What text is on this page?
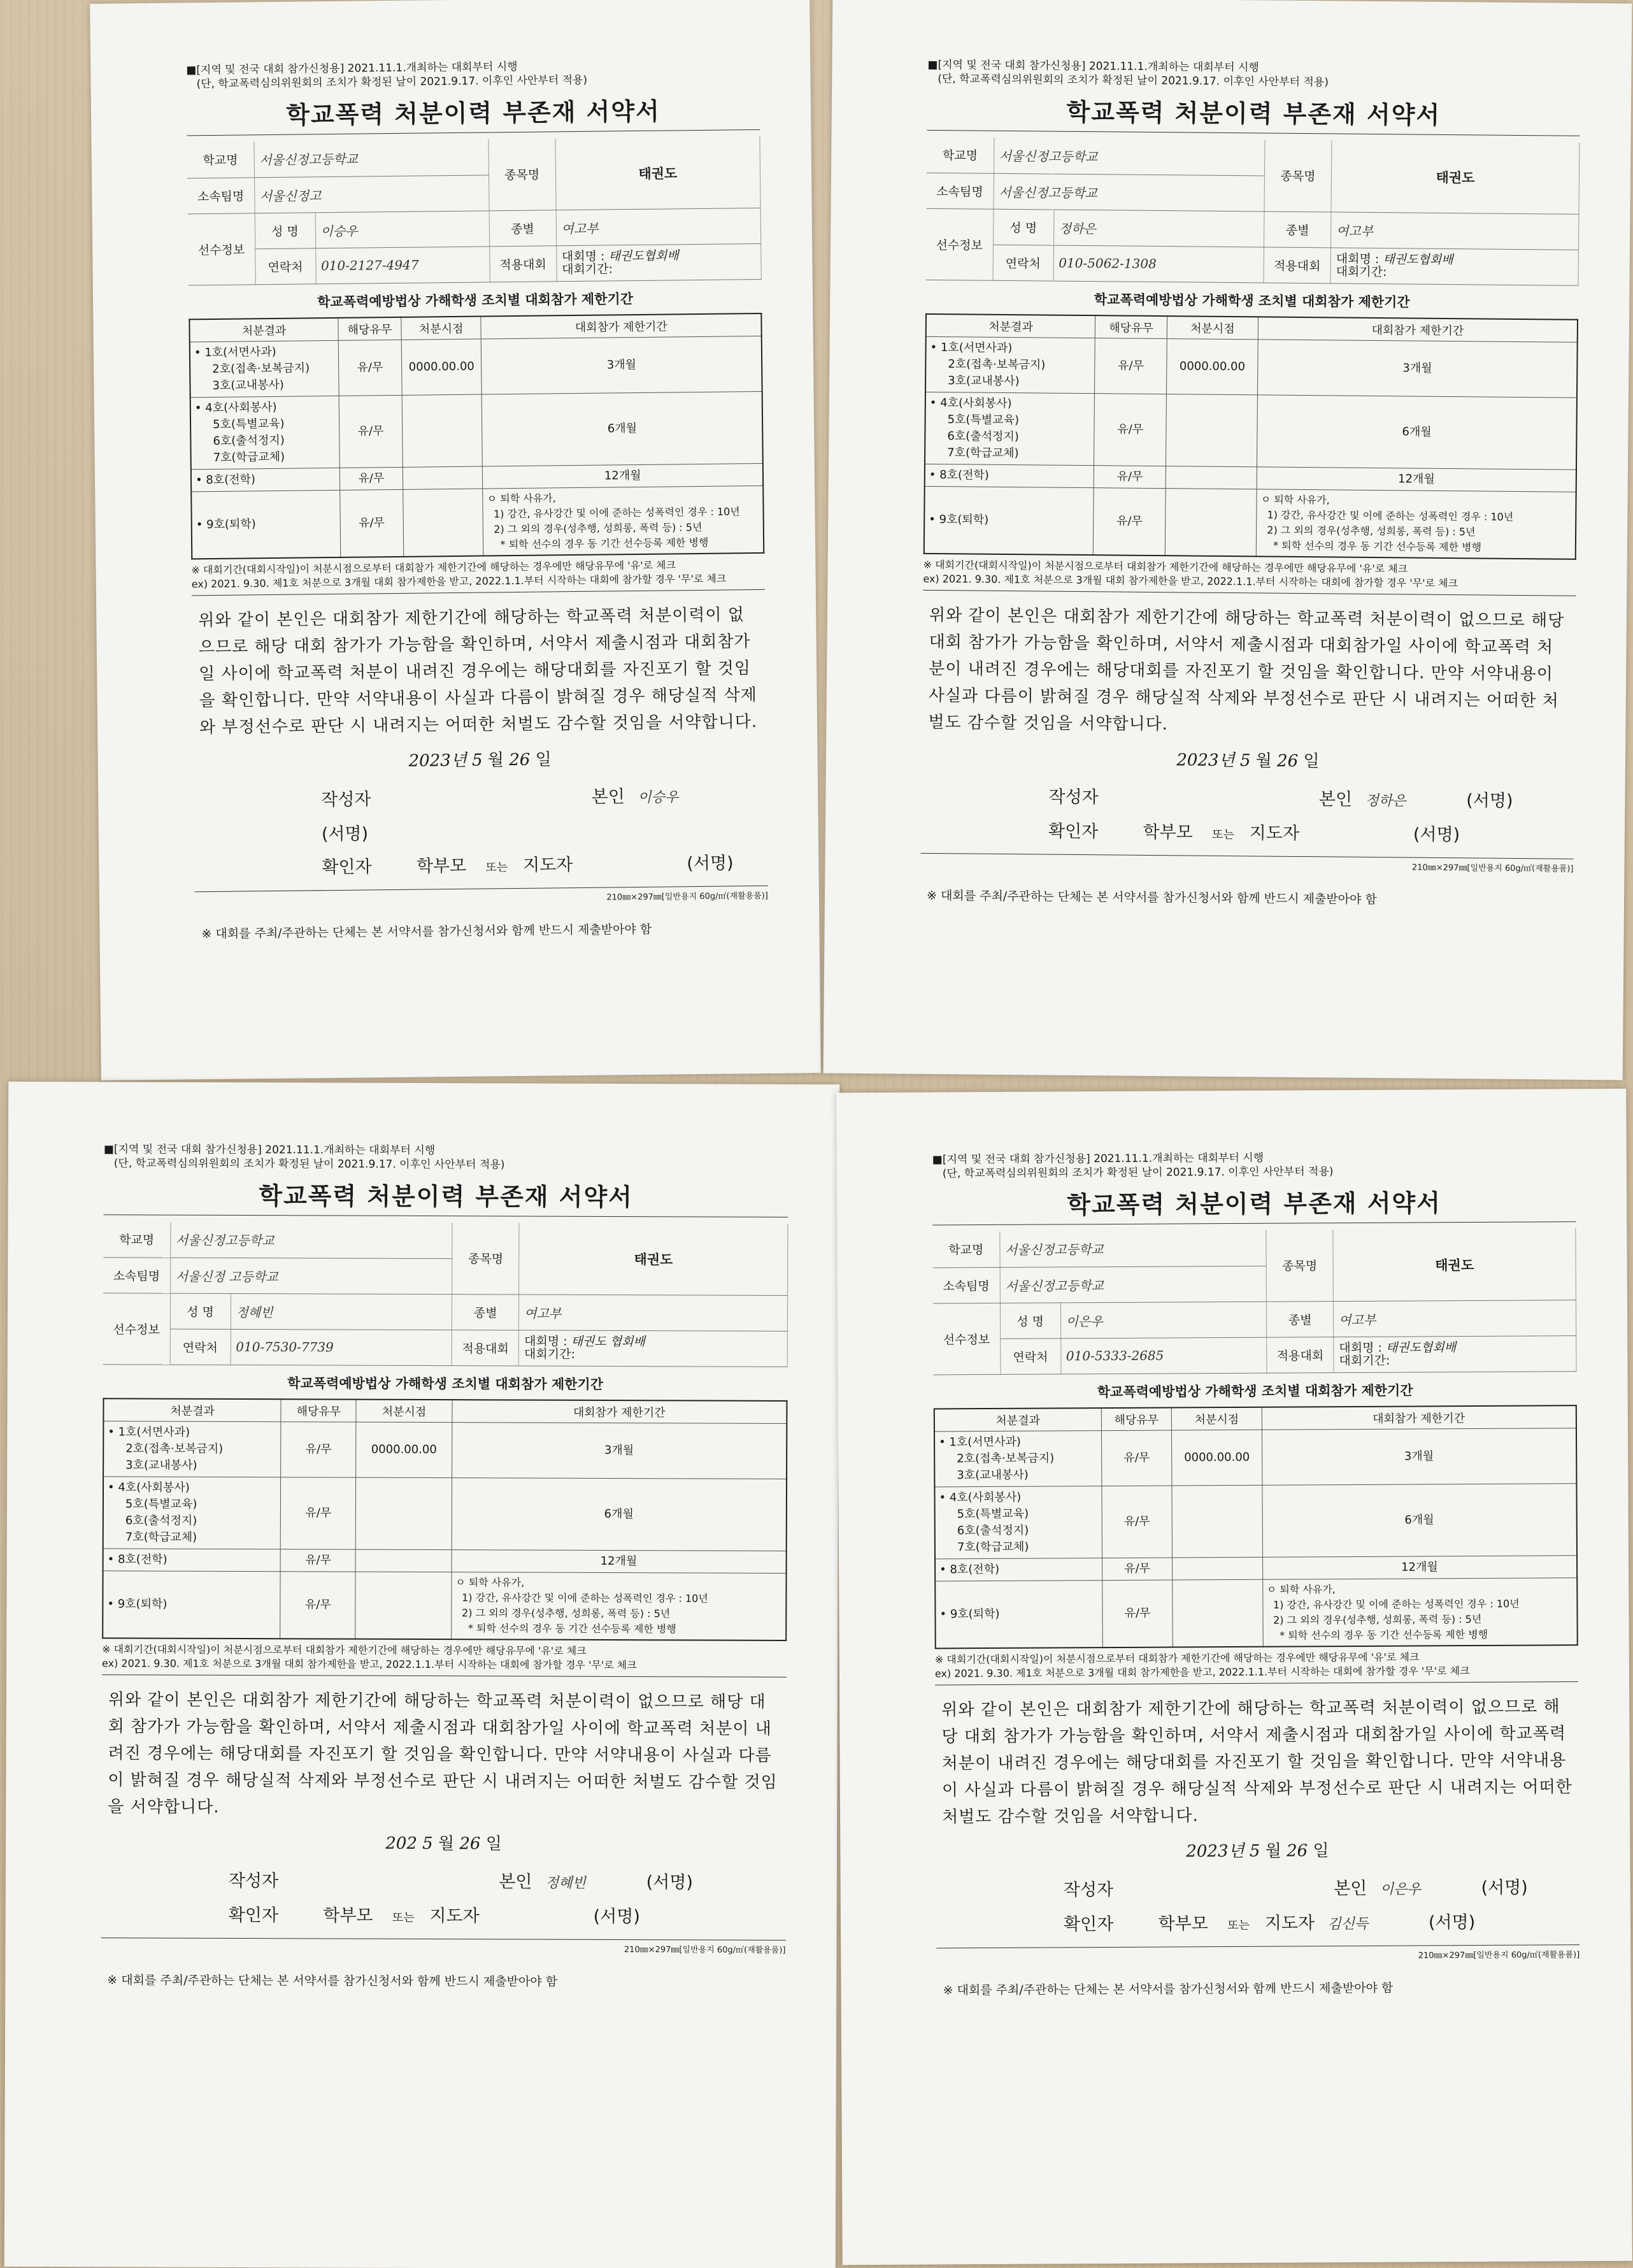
■[지역 및 전국 대회 참가신청용] 2021.11.1.개최하는 대회부터 시행
(단, 학교폭력심의위원회의 조치가 확정된 날이 2021.9.17. 이후인 사안부터 적용)
학교폭력 처분이력 부존재 서약서
학교명	서울신정고등학교		종목명	태권도
소속팀명	서울신정고			
선수정보	성 명	이승우	종별	여고부
	연락처	010-2127-4947	적용대회	대회명 : 태권도협회배
대회기간:
학교폭력예방법상 가해학생 조치별 대회참가 제한기간
처분결과	해당유무	처분시점	대회참가 제한기간

• 1호(서면사과)
2호(접촉·보복금지)
3호(교내봉사)	유/무	0000.00.00	3개월

• 4호(사회봉사)
5호(특별교육)
6호(출석정지)
7호(학급교체)	유/무		6개월

• 8호(전학)	유/무		12개월

• 9호(퇴학)	유/무		ㅇ 퇴학 사유가,
1) 강간, 유사강간 및 이에 준하는 성폭력인 경우 : 10년
2) 그 외의 경우(성추행, 성희롱, 폭력 등) : 5년
* 퇴학 선수의 경우 동 기간 선수등록 제한 병행
※ 대회기간(대회시작일)이 처분시점으로부터 대회참가 제한기간에 해당하는 경우에만 해당유무에 '유'로 체크
ex) 2021. 9.30. 제1호 처분으로 3개월 대회 참가제한을 받고, 2022.1.1.부터 시작하는 대회에 참가할 경우 '무'로 체크
위와 같이 본인은 대회참가 제한기간에 해당하는 학교폭력 처분이력이 없으므로 해당 대회 참가가 가능함을 확인하며, 서약서 제출시점과 대회참가일 사이에 학교폭력 처분이 내려진 경우에는 해당대회를 자진포기 할 것임을 확인합니다. 만약 서약내용이 사실과 다름이 밝혀질 경우 해당실적 삭제와 부정선수로 판단 시 내려지는 어떠한 처벌도 감수할 것임을 서약합니다.
2023년 5 월 26 일
작성자	본인 이승우 (서명)
확인자	학부모 또는 지도자	(서명)
210㎜×297㎜[일반용지 60g/㎡(재활용품)]
※ 대회를 주최/주관하는 단체는 본 서약서를 참가신청서와 함께 반드시 제출받아야 함
■[지역 및 전국 대회 참가신청용] 2021.11.1.개최하는 대회부터 시행
(단, 학교폭력심의위원회의 조치가 확정된 날이 2021.9.17. 이후인 사안부터 적용)
학교폭력 처분이력 부존재 서약서
학교명	서울신정고등학교		종목명	태권도
소속팀명	서울신정고등학교			
선수정보	성 명	정하은	종별	여고부
	연락처	010-5062-1308	적용대회	대회명 : 태권도협회배
대회기간:
학교폭력예방법상 가해학생 조치별 대회참가 제한기간
처분결과	해당유무	처분시점	대회참가 제한기간

• 1호(서면사과)
2호(접촉·보복금지)
3호(교내봉사)	유/무	0000.00.00	3개월

• 4호(사회봉사)
5호(특별교육)
6호(출석정지)
7호(학급교체)	유/무		6개월

• 8호(전학)	유/무		12개월

• 9호(퇴학)	유/무		ㅇ 퇴학 사유가,
1) 강간, 유사강간 및 이에 준하는 성폭력인 경우 : 10년
2) 그 외의 경우(성추행, 성희롱, 폭력 등) : 5년
* 퇴학 선수의 경우 동 기간 선수등록 제한 병행
※ 대회기간(대회시작일)이 처분시점으로부터 대회참가 제한기간에 해당하는 경우에만 해당유무에 '유'로 체크
ex) 2021. 9.30. 제1호 처분으로 3개월 대회 참가제한을 받고, 2022.1.1.부터 시작하는 대회에 참가할 경우 '무'로 체크
위와 같이 본인은 대회참가 제한기간에 해당하는 학교폭력 처분이력이 없으므로 해당 대회 참가가 가능함을 확인하며, 서약서 제출시점과 대회참가일 사이에 학교폭력 처분이 내려진 경우에는 해당대회를 자진포기 할 것임을 확인합니다. 만약 서약내용이 사실과 다름이 밝혀질 경우 해당실적 삭제와 부정선수로 판단 시 내려지는 어떠한 처벌도 감수할 것임을 서약합니다.
2023년 5 월 26 일
작성자	본인 정하은	(서명)
확인자	학부모 또는 지도자	(서명)
210㎜×297㎜[일반용지 60g/㎡(재활용품)]
※ 대회를 주최/주관하는 단체는 본 서약서를 참가신청서와 함께 반드시 제출받아야 함
■[지역 및 전국 대회 참가신청용] 2021.11.1.개최하는 대회부터 시행
(단, 학교폭력심의위원회의 조치가 확정된 날이 2021.9.17. 이후인 사안부터 적용)
학교폭력 처분이력 부존재 서약서
학교명	서울신정고등학교		종목명	태권도
소속팀명	서울신정 고등학교			
선수정보	성 명	정혜빈	종별	여고부
	연락처	010-7530-7739	적용대회	대회명 : 태권도 협회배
대회기간:
학교폭력예방법상 가해학생 조치별 대회참가 제한기간
처분결과	해당유무	처분시점	대회참가 제한기간

• 1호(서면사과)
2호(접촉·보복금지)
3호(교내봉사)	유/무	0000.00.00	3개월

• 4호(사회봉사)
5호(특별교육)
6호(출석정지)
7호(학급교체)	유/무		6개월

• 8호(전학)	유/무		12개월

• 9호(퇴학)	유/무		ㅇ 퇴학 사유가,
1) 강간, 유사강간 및 이에 준하는 성폭력인 경우 : 10년
2) 그 외의 경우(성추행, 성희롱, 폭력 등) : 5년
* 퇴학 선수의 경우 동 기간 선수등록 제한 병행
※ 대회기간(대회시작일)이 처분시점으로부터 대회참가 제한기간에 해당하는 경우에만 해당유무에 '유'로 체크
ex) 2021. 9.30. 제1호 처분으로 3개월 대회 참가제한을 받고, 2022.1.1.부터 시작하는 대회에 참가할 경우 '무'로 체크
위와 같이 본인은 대회참가 제한기간에 해당하는 학교폭력 처분이력이 없으므로 해당 대회 참가가 가능함을 확인하며, 서약서 제출시점과 대회참가일 사이에 학교폭력 처분이 내려진 경우에는 해당대회를 자진포기 할 것임을 확인합니다. 만약 서약내용이 사실과 다름이 밝혀질 경우 해당실적 삭제와 부정선수로 판단 시 내려지는 어떠한 처벌도 감수할 것임을 서약합니다.
202 5 월 26 일
작성자	본인 정혜빈	(서명)
확인자	학부모 또는 지도자	(서명)
210㎜×297㎜[일반용지 60g/㎡(재활용품)]
※ 대회를 주최/주관하는 단체는 본 서약서를 참가신청서와 함께 반드시 제출받아야 함
■[지역 및 전국 대회 참가신청용] 2021.11.1.개최하는 대회부터 시행
(단, 학교폭력심의위원회의 조치가 확정된 날이 2021.9.17. 이후인 사안부터 적용)
학교폭력 처분이력 부존재 서약서
학교명	서울신정고등학교		종목명	태권도
소속팀명	서울신정고등학교			
선수정보	성 명	이은우	종별	여고부
	연락처	010-5333-2685	적용대회	대회명 : 태권도협회배
대회기간:
학교폭력예방법상 가해학생 조치별 대회참가 제한기간
처분결과	해당유무	처분시점	대회참가 제한기간

• 1호(서면사과)
2호(접촉·보복금지)
3호(교내봉사)	유/무	0000.00.00	3개월

• 4호(사회봉사)
5호(특별교육)
6호(출석정지)
7호(학급교체)	유/무		6개월

• 8호(전학)	유/무		12개월

• 9호(퇴학)	유/무		ㅇ 퇴학 사유가,
1) 강간, 유사강간 및 이에 준하는 성폭력인 경우 : 10년
2) 그 외의 경우(성추행, 성희롱, 폭력 등) : 5년
* 퇴학 선수의 경우 동 기간 선수등록 제한 병행
※ 대회기간(대회시작일)이 처분시점으로부터 대회참가 제한기간에 해당하는 경우에만 해당유무에 '유'로 체크
ex) 2021. 9.30. 제1호 처분으로 3개월 대회 참가제한을 받고, 2022.1.1.부터 시작하는 대회에 참가할 경우 '무'로 체크
위와 같이 본인은 대회참가 제한기간에 해당하는 학교폭력 처분이력이 없으므로 해당 대회 참가가 가능함을 확인하며, 서약서 제출시점과 대회참가일 사이에 학교폭력 처분이 내려진 경우에는 해당대회를 자진포기 할 것임을 확인합니다. 만약 서약내용이 사실과 다름이 밝혀질 경우 해당실적 삭제와 부정선수로 판단 시 내려지는 어떠한 처벌도 감수할 것임을 서약합니다.
2023년 5 월 26 일
작성자	본인 이은우	(서명)
확인자	학부모 또는 지도자 김신득	(서명)
210㎜×297㎜[일반용지 60g/㎡(재활용품)]
※ 대회를 주최/주관하는 단체는 본 서약서를 참가신청서와 함께 반드시 제출받아야 함
